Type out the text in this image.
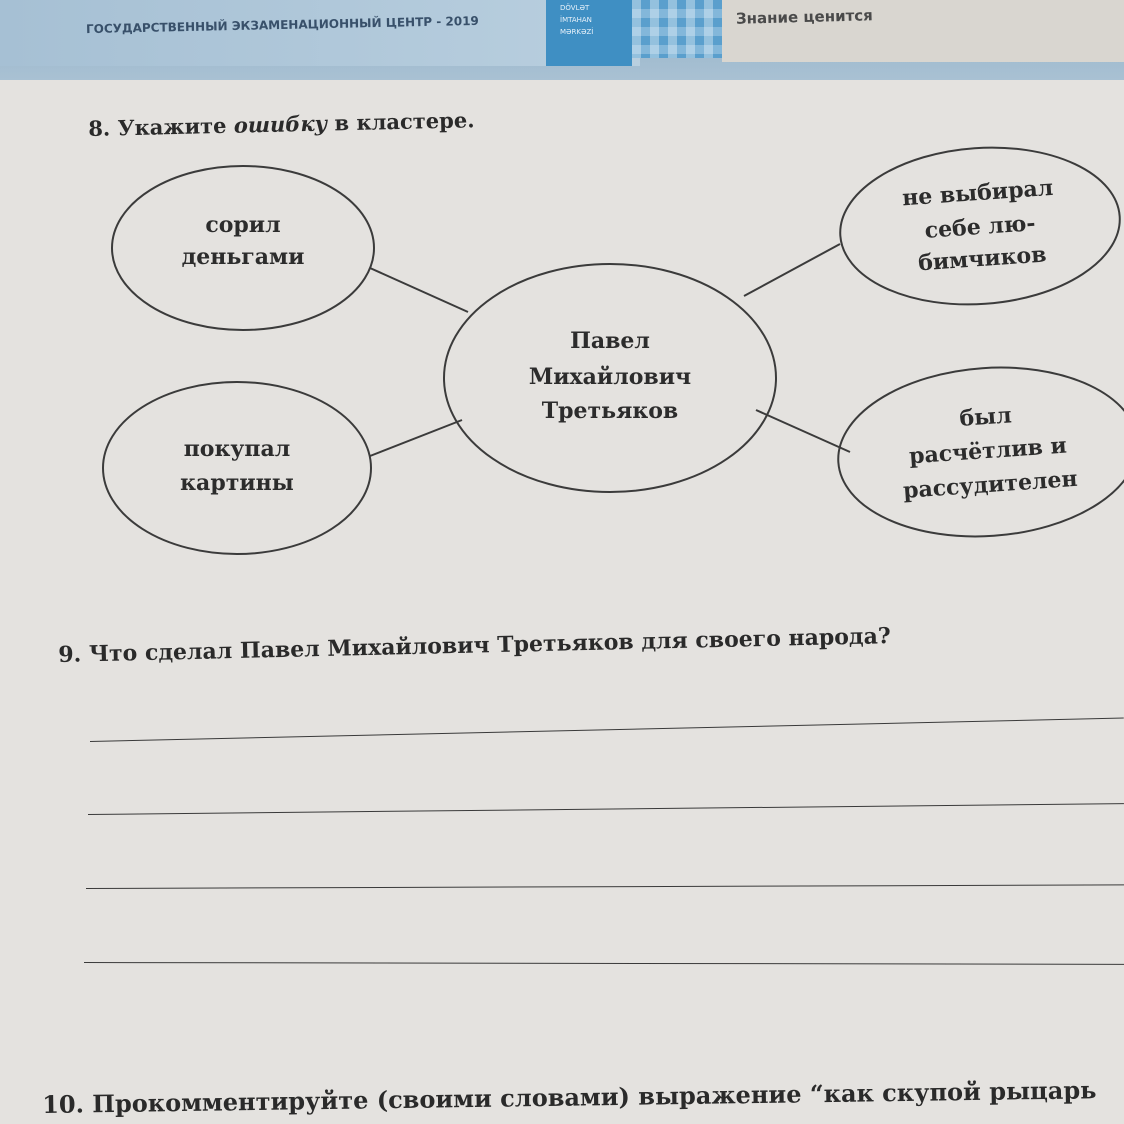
ГОСУДАРСТВЕННЫЙ ЭКЗАМЕНАЦИОННЫЙ ЦЕНТР - 2019
DÖVLƏT
İMTAHAN
MƏRKƏZİ
Знание ценится
8. Укажите ошибку в кластере.
сорил
деньгами
покупал
картины
Павел
Михайлович
Третьяков
не выбирал
себе лю-
бимчиков
был
расчётлив и
рассудителен
9. Что сделал Павел Михайлович Третьяков для своего народа?
10. Прокомментируйте (своими словами) выражение “как скупой рыцарь
